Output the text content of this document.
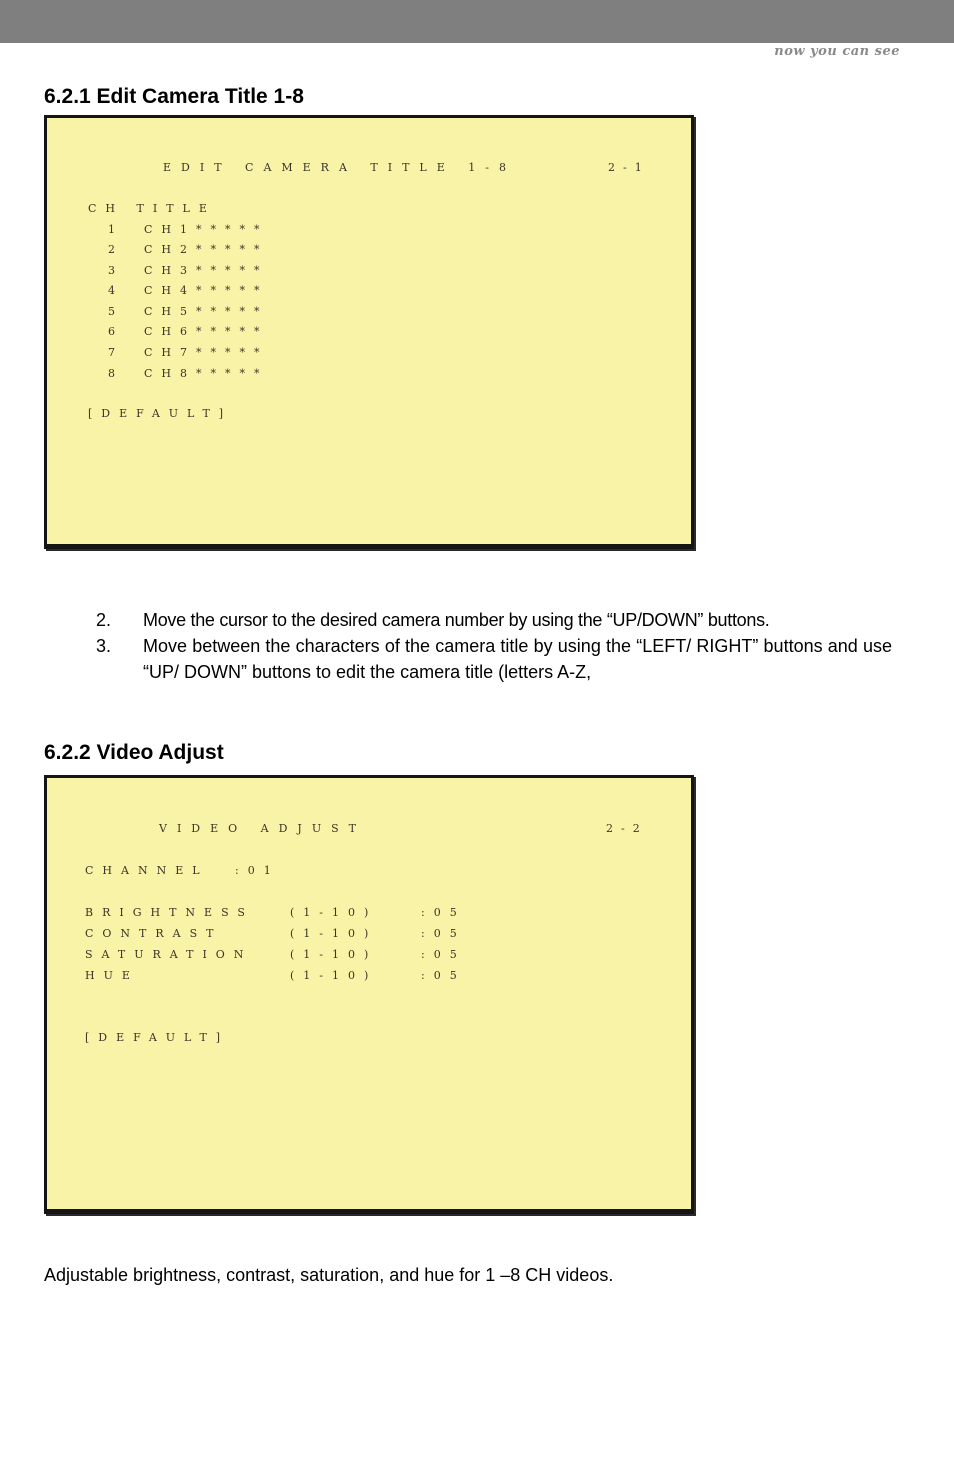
now you can see
6.2.1 Edit Camera Title 1-8
EDIT CAMERA TITLE 1-8	2-1
CH TITLE
1 CH1*****
2 CH2*****
3 CH3*****
4 CH4*****
5 CH5*****
6 CH6*****
7 CH7*****
8 CH8*****
[DEFAULT]
2. Move the cursor to the desired camera number by using the “UP/DOWN” buttons.
3. Move between the characters of the camera title by using the “LEFT/ RIGHT” buttons and use “UP/ DOWN” buttons to edit the camera title (letters A-Z,
6.2.2 Video Adjust
VIDEO ADJUST	2-2
CHANNEL :01
BRIGHTNESS	(1-10)	:05
CONTRAST	(1-10)	:05
SATURATION	(1-10)	:05
HUE	(1-10)	:05
[DEFAULT]

Adjustable brightness, contrast, saturation, and hue for 1 –8 CH videos.
